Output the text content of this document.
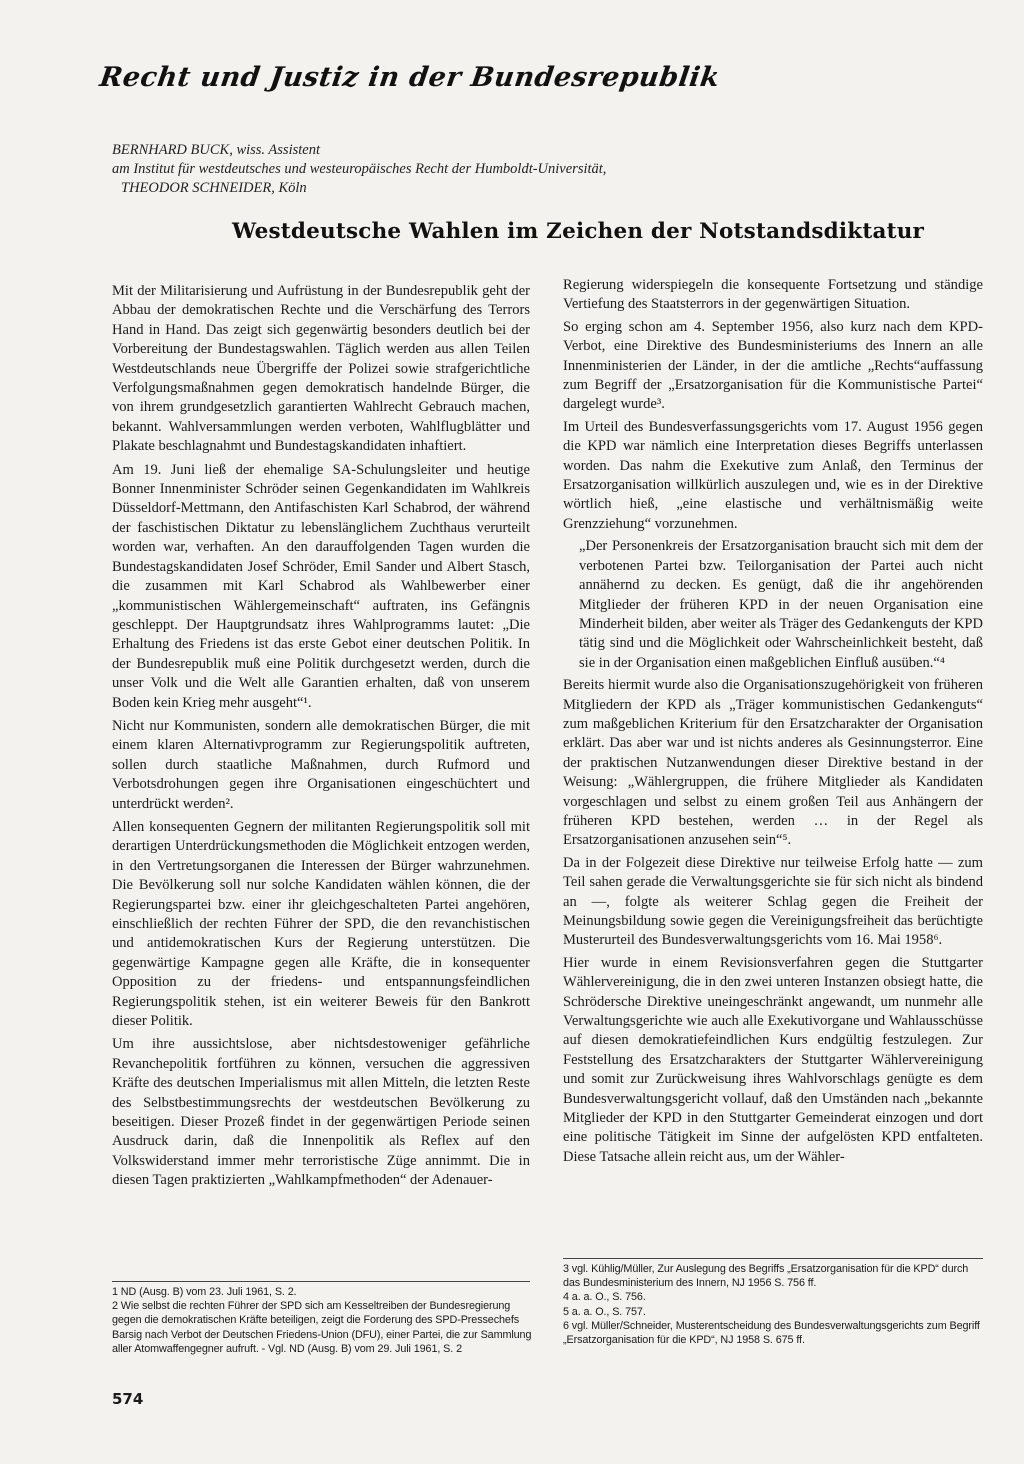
Recht und Justiz in der Bundesrepublik
BERNHARD BUCK, wiss. Assistent
am Institut für westdeutsches und westeuropäisches Recht der Humboldt-Universität,
THEODOR SCHNEIDER, Köln
Westdeutsche Wahlen im Zeichen der Notstandsdiktatur

Mit der Militarisierung und Aufrüstung in der Bundesrepublik geht der Abbau der demokratischen Rechte und die Verschärfung des Terrors Hand in Hand. Das zeigt sich gegenwärtig besonders deutlich bei der Vorbereitung der Bundestagswahlen. Täglich werden aus allen Teilen Westdeutschlands neue Übergriffe der Polizei sowie strafgerichtliche Verfolgungsmaßnahmen gegen demokratisch handelnde Bürger, die von ihrem grundgesetzlich garantierten Wahlrecht Gebrauch machen, bekannt. Wahlversammlungen werden verboten, Wahlflugblätter und Plakate beschlagnahmt und Bundestagskandidaten inhaftiert.

Am 19. Juni ließ der ehemalige SA-Schulungsleiter und heutige Bonner Innenminister Schröder seinen Gegenkandidaten im Wahlkreis Düsseldorf-Mettmann, den Antifaschisten Karl Schabrod, der während der faschistischen Diktatur zu lebenslänglichem Zuchthaus verurteilt worden war, verhaften. An den darauffolgenden Tagen wurden die Bundestagskandidaten Josef Schröder, Emil Sander und Albert Stasch, die zusammen mit Karl Schabrod als Wahlbewerber einer „kommunistischen Wählergemeinschaft“ auftraten, ins Gefängnis geschleppt. Der Hauptgrundsatz ihres Wahlprogramms lautet: „Die Erhaltung des Friedens ist das erste Gebot einer deutschen Politik. In der Bundesrepublik muß eine Politik durchgesetzt werden, durch die unser Volk und die Welt alle Garantien erhalten, daß von unserem Boden kein Krieg mehr ausgeht“¹.

Nicht nur Kommunisten, sondern alle demokratischen Bürger, die mit einem klaren Alternativprogramm zur Regierungspolitik auftreten, sollen durch staatliche Maßnahmen, durch Rufmord und Verbotsdrohungen gegen ihre Organisationen eingeschüchtert und unterdrückt werden².

Allen konsequenten Gegnern der militanten Regierungspolitik soll mit derartigen Unterdrückungsmethoden die Möglichkeit entzogen werden, in den Vertretungsorganen die Interessen der Bürger wahrzunehmen. Die Bevölkerung soll nur solche Kandidaten wählen können, die der Regierungspartei bzw. einer ihr gleichgeschalteten Partei angehören, einschließlich der rechten Führer der SPD, die den revanchistischen und antidemokratischen Kurs der Regierung unterstützen. Die gegenwärtige Kampagne gegen alle Kräfte, die in konsequenter Opposition zu der friedens- und entspannungsfeindlichen Regierungspolitik stehen, ist ein weiterer Beweis für den Bankrott dieser Politik.

Um ihre aussichtslose, aber nichtsdestoweniger gefährliche Revanchepolitik fortführen zu können, versuchen die aggressiven Kräfte des deutschen Imperialismus mit allen Mitteln, die letzten Reste des Selbstbestimmungsrechts der westdeutschen Bevölkerung zu beseitigen. Dieser Prozeß findet in der gegenwärtigen Periode seinen Ausdruck darin, daß die Innenpolitik als Reflex auf den Volkswiderstand immer mehr terroristische Züge annimmt. Die in diesen Tagen praktizierten „Wahlkampfmethoden“ der Adenauer-

Regierung widerspiegeln die konsequente Fortsetzung und ständige Vertiefung des Staatsterrors in der gegenwärtigen Situation.

So erging schon am 4. September 1956, also kurz nach dem KPD-Verbot, eine Direktive des Bundesministeriums des Innern an alle Innenministerien der Länder, in der die amtliche „Rechts“auffassung zum Begriff der „Ersatzorganisation für die Kommunistische Partei“ dargelegt wurde³.

Im Urteil des Bundesverfassungsgerichts vom 17. August 1956 gegen die KPD war nämlich eine Interpretation dieses Begriffs unterlassen worden. Das nahm die Exekutive zum Anlaß, den Terminus der Ersatzorganisation willkürlich auszulegen und, wie es in der Direktive wörtlich hieß, „eine elastische und verhältnismäßig weite Grenzziehung“ vorzunehmen.

„Der Personenkreis der Ersatzorganisation braucht sich mit dem der verbotenen Partei bzw. Teilorganisation der Partei auch nicht annähernd zu decken. Es genügt, daß die ihr angehörenden Mitglieder der früheren KPD in der neuen Organisation eine Minderheit bilden, aber weiter als Träger des Gedankenguts der KPD tätig sind und die Möglichkeit oder Wahrscheinlichkeit besteht, daß sie in der Organisation einen maßgeblichen Einfluß ausüben.“⁴

Bereits hiermit wurde also die Organisationszugehörigkeit von früheren Mitgliedern der KPD als „Träger kommunistischen Gedankenguts“ zum maßgeblichen Kriterium für den Ersatzcharakter der Organisation erklärt. Das aber war und ist nichts anderes als Gesinnungsterror. Eine der praktischen Nutzanwendungen dieser Direktive bestand in der Weisung: „Wählergruppen, die frühere Mitglieder als Kandidaten vorgeschlagen und selbst zu einem großen Teil aus Anhängern der früheren KPD bestehen, werden … in der Regel als Ersatzorganisationen anzusehen sein“⁵.

Da in der Folgezeit diese Direktive nur teilweise Erfolg hatte — zum Teil sahen gerade die Verwaltungsgerichte sie für sich nicht als bindend an —, folgte als weiterer Schlag gegen die Freiheit der Meinungsbildung sowie gegen die Vereinigungsfreiheit das berüchtigte Musterurteil des Bundesverwaltungsgerichts vom 16. Mai 1958⁶.

Hier wurde in einem Revisionsverfahren gegen die Stuttgarter Wählervereinigung, die in den zwei unteren Instanzen obsiegt hatte, die Schrödersche Direktive uneingeschränkt angewandt, um nunmehr alle Verwaltungsgerichte wie auch alle Exekutivorgane und Wahlausschüsse auf diesen demokratiefeindlichen Kurs endgültig festzulegen. Zur Feststellung des Ersatzcharakters der Stuttgarter Wählervereinigung und somit zur Zurückweisung ihres Wahlvorschlags genügte es dem Bundesverwaltungsgericht vollauf, daß den Umständen nach „bekannte Mitglieder der KPD in den Stuttgarter Gemeinderat einzogen und dort eine politische Tätigkeit im Sinne der aufgelösten KPD entfalteten. Diese Tatsache allein reicht aus, um der Wähler-

1 ND (Ausg. B) vom 23. Juli 1961, S. 2.
2 Wie selbst die rechten Führer der SPD sich am Kesseltreiben der Bundesregierung gegen die demokratischen Kräfte beteiligen, zeigt die Forderung des SPD-Pressechefs Barsig nach Verbot der Deutschen Friedens-Union (DFU), einer Partei, die zur Sammlung aller Atomwaffengegner aufruft. - Vgl. ND (Ausg. B) vom 29. Juli 1961, S. 2
3 vgl. Kühlig/Müller, Zur Auslegung des Begriffs „Ersatzorganisation für die KPD“ durch das Bundesministerium des Innern, NJ 1956 S. 756 ff.
4 a. a. O., S. 756.
5 a. a. O., S. 757.
6 vgl. Müller/Schneider, Musterentscheidung des Bundesverwaltungsgerichts zum Begriff „Ersatzorganisation für die KPD“, NJ 1958 S. 675 ff.
574
